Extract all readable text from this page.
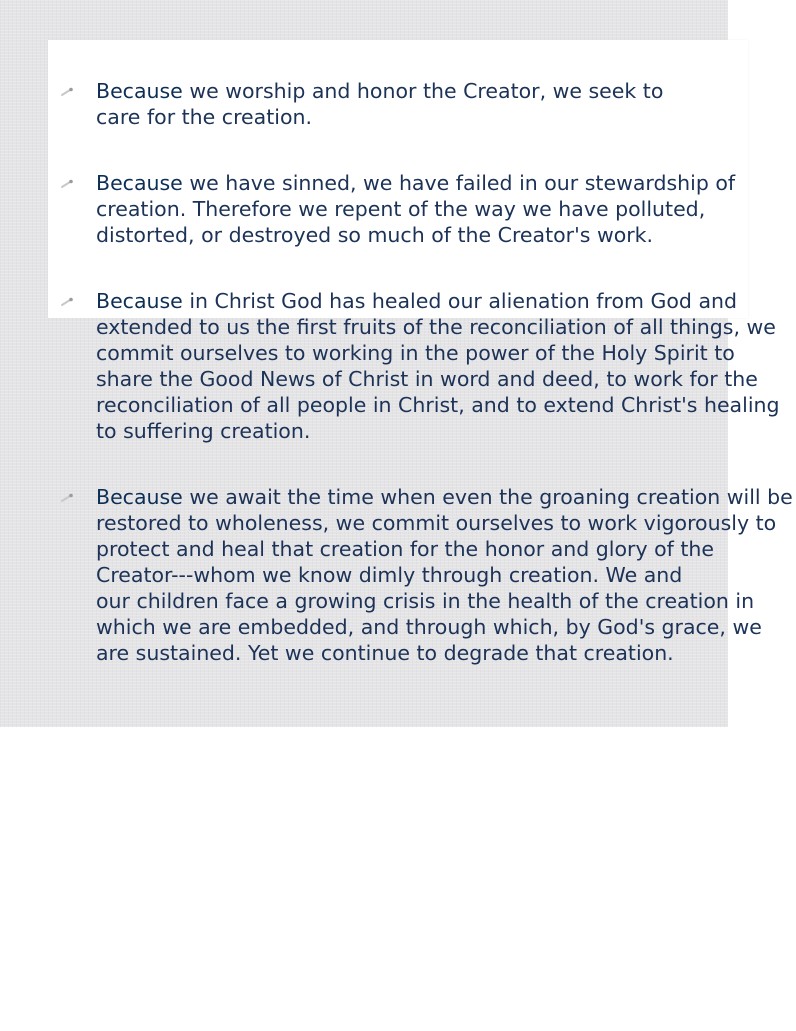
Because we worship and honor the Creator, we seek to
care for the creation.
Because we have sinned, we have failed in our stewardship of
creation. Therefore we repent of the way we have polluted,
distorted, or destroyed so much of the Creator's work.
Because in Christ God has healed our alienation from God and
extended to us the first fruits of the reconciliation of all things, we
commit ourselves to working in the power of the Holy Spirit to
share the Good News of Christ in word and deed, to work for the
reconciliation of all people in Christ, and to extend Christ's healing
to suffering creation.
Because we await the time when even the groaning creation will be
restored to wholeness, we commit ourselves to work vigorously to
protect and heal that creation for the honor and glory of the
Creator---whom we know dimly through creation. We and
our children face a growing crisis in the health of the creation in
which we are embedded, and through which, by God's grace, we
are sustained. Yet we continue to degrade that creation.
